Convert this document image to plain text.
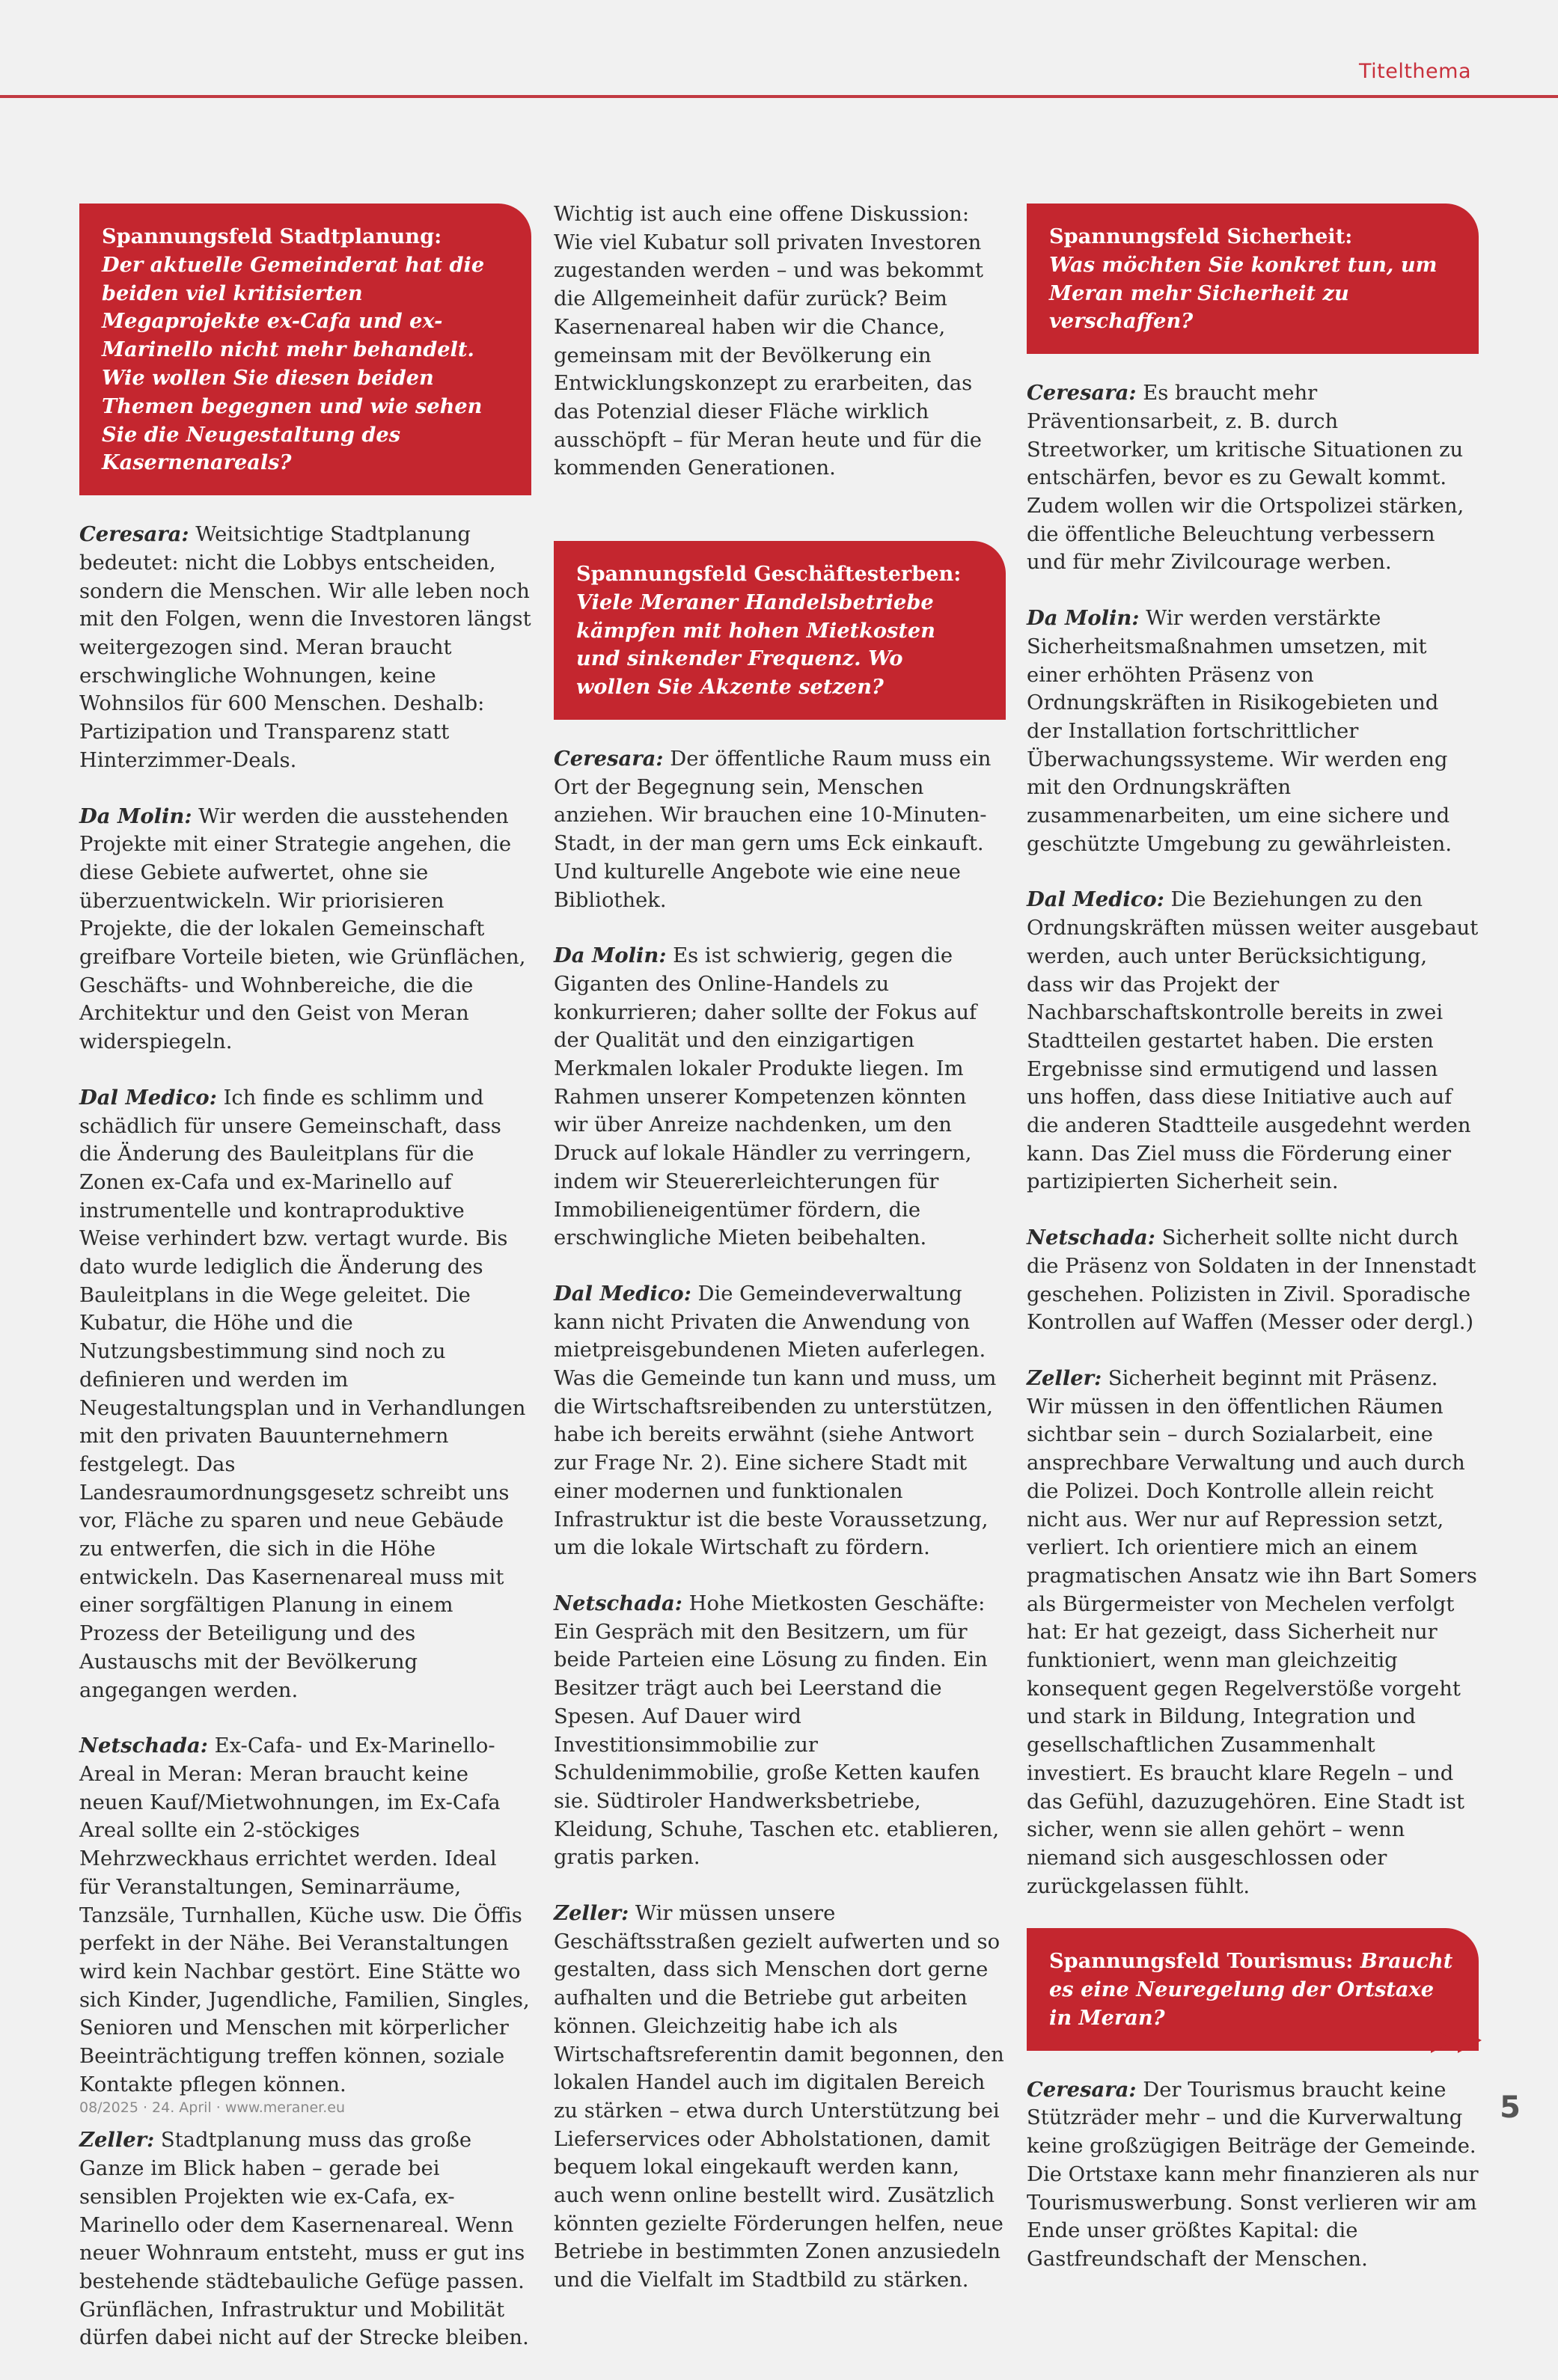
Titelthema
Spannungsfeld Stadtplanung:
Der aktuelle Gemeinderat hat die beiden viel kritisierten Megaprojekte ex-Cafa und ex-Marinello nicht mehr behandelt. Wie wollen Sie diesen beiden Themen begegnen und wie sehen Sie die Neugestaltung des Kasernenareals?

Ceresara: Weitsichtige Stadtplanung bedeutet: nicht die Lobbys entscheiden, sondern die Menschen. Wir alle leben noch mit den Folgen, wenn die Investoren längst weitergezogen sind. Meran braucht erschwingliche Wohnungen, keine Wohnsilos für 600 Menschen. Deshalb: Partizipation und Transparenz statt Hinterzimmer-Deals.

Da Molin: Wir werden die ausstehenden Projekte mit einer Strategie angehen, die diese Gebiete aufwertet, ohne sie überzuentwickeln. Wir priorisieren Projekte, die der lokalen Gemeinschaft greifbare Vorteile bieten, wie Grünflächen, Geschäfts- und Wohnbereiche, die die Architektur und den Geist von Meran widerspiegeln.

Dal Medico: Ich finde es schlimm und schädlich für unsere Gemeinschaft, dass die Änderung des Bauleitplans für die Zonen ex-Cafa und ex-Marinello auf instrumentelle und kontraproduktive Weise verhindert bzw. vertagt wurde. Bis dato wurde lediglich die Änderung des Bauleitplans in die Wege geleitet. Die Kubatur, die Höhe und die Nutzungsbestimmung sind noch zu definieren und werden im Neugestaltungsplan und in Verhandlungen mit den privaten Bauunternehmern festgelegt. Das Landesraumordnungsgesetz schreibt uns vor, Fläche zu sparen und neue Gebäude zu entwerfen, die sich in die Höhe entwickeln. Das Kasernenareal muss mit einer sorgfältigen Planung in einem Prozess der Beteiligung und des Austauschs mit der Bevölkerung angegangen werden.

Netschada: Ex-Cafa- und Ex-Marinello-Areal in Meran: Meran braucht keine neuen Kauf/Mietwohnungen, im Ex-Cafa Areal sollte ein 2-stöckiges Mehrzweckhaus errichtet werden. Ideal für Veranstaltungen, Seminarräume, Tanzsäle, Turnhallen, Küche usw. Die Öffis perfekt in der Nähe. Bei Veranstaltungen wird kein Nachbar gestört. Eine Stätte wo sich Kinder, Jugendliche, Familien, Singles, Senioren und Menschen mit körperlicher Beeinträchtigung treffen können, soziale Kontakte pflegen können.

Zeller: Stadtplanung muss das große Ganze im Blick haben – gerade bei sensiblen Projekten wie ex-Cafa, ex-Marinello oder dem Kasernenareal. Wenn neuer Wohnraum entsteht, muss er gut ins bestehende städtebauliche Gefüge passen. Grünflächen, Infrastruktur und Mobilität dürfen dabei nicht auf der Strecke bleiben.

Wichtig ist auch eine offene Diskussion: Wie viel Kubatur soll privaten Investoren zugestanden werden – und was bekommt die Allgemeinheit dafür zurück? Beim Kasernenareal haben wir die Chance, gemeinsam mit der Bevölkerung ein Entwicklungskonzept zu erarbeiten, das das Potenzial dieser Fläche wirklich ausschöpft – für Meran heute und für die kommenden Generationen.

Spannungsfeld Geschäftesterben:
Viele Meraner Handelsbetriebe kämpfen mit hohen Mietkosten und sinkender Frequenz. Wo wollen Sie Akzente setzen?

Ceresara: Der öffentliche Raum muss ein Ort der Begegnung sein, Menschen anziehen. Wir brauchen eine 10-Minuten-Stadt, in der man gern ums Eck einkauft. Und kulturelle Angebote wie eine neue Bibliothek.

Da Molin: Es ist schwierig, gegen die Giganten des Online-Handels zu konkurrieren; daher sollte der Fokus auf der Qualität und den einzigartigen Merkmalen lokaler Produkte liegen. Im Rahmen unserer Kompetenzen könnten wir über Anreize nachdenken, um den Druck auf lokale Händler zu verringern, indem wir Steuererleichterungen für Immobilieneigentümer fördern, die erschwingliche Mieten beibehalten.

Dal Medico: Die Gemeindeverwaltung kann nicht Privaten die Anwendung von mietpreisgebundenen Mieten auferlegen. Was die Gemeinde tun kann und muss, um die Wirtschaftsreibenden zu unterstützen, habe ich bereits erwähnt (siehe Antwort zur Frage Nr. 2). Eine sichere Stadt mit einer modernen und funktionalen Infrastruktur ist die beste Voraussetzung, um die lokale Wirtschaft zu fördern.

Netschada: Hohe Mietkosten Geschäfte: Ein Gespräch mit den Besitzern, um für beide Parteien eine Lösung zu finden. Ein Besitzer trägt auch bei Leerstand die Spesen. Auf Dauer wird Investitionsimmobilie zur Schuldenimmobilie, große Ketten kaufen sie. Südtiroler Handwerksbetriebe, Kleidung, Schuhe, Taschen etc. etablieren, gratis parken.

Zeller: Wir müssen unsere Geschäftsstraßen gezielt aufwerten und so gestalten, dass sich Menschen dort gerne aufhalten und die Betriebe gut arbeiten können. Gleichzeitig habe ich als Wirtschaftsreferentin damit begonnen, den lokalen Handel auch im digitalen Bereich zu stärken – etwa durch Unterstützung bei Lieferservices oder Abholstationen, damit bequem lokal eingekauft werden kann, auch wenn online bestellt wird. Zusätzlich könnten gezielte Förderungen helfen, neue Betriebe in bestimmten Zonen anzusiedeln und die Vielfalt im Stadtbild zu stärken.

Spannungsfeld Sicherheit:
Was möchten Sie konkret tun, um Meran mehr Sicherheit zu verschaffen?

Ceresara: Es braucht mehr Präventionsarbeit, z. B. durch Streetworker, um kritische Situationen zu entschärfen, bevor es zu Gewalt kommt. Zudem wollen wir die Ortspolizei stärken, die öffentliche Beleuchtung verbessern und für mehr Zivilcourage werben.

Da Molin: Wir werden verstärkte Sicherheitsmaßnahmen umsetzen, mit einer erhöhten Präsenz von Ordnungskräften in Risikogebieten und der Installation fortschrittlicher Überwachungssysteme. Wir werden eng mit den Ordnungskräften zusammenarbeiten, um eine sichere und geschützte Umgebung zu gewährleisten.

Dal Medico: Die Beziehungen zu den Ordnungskräften müssen weiter ausgebaut werden, auch unter Berücksichtigung, dass wir das Projekt der Nachbarschaftskontrolle bereits in zwei Stadtteilen gestartet haben. Die ersten Ergebnisse sind ermutigend und lassen uns hoffen, dass diese Initiative auch auf die anderen Stadtteile ausgedehnt werden kann. Das Ziel muss die Förderung einer partizipierten Sicherheit sein.

Netschada: Sicherheit sollte nicht durch die Präsenz von Soldaten in der Innenstadt geschehen. Polizisten in Zivil. Sporadische Kontrollen auf Waffen (Messer oder dergl.)

Zeller: Sicherheit beginnt mit Präsenz. Wir müssen in den öffentlichen Räumen sichtbar sein – durch Sozialarbeit, eine ansprechbare Verwaltung und auch durch die Polizei. Doch Kontrolle allein reicht nicht aus. Wer nur auf Repression setzt, verliert. Ich orientiere mich an einem pragmatischen Ansatz wie ihn Bart Somers als Bürgermeister von Mechelen verfolgt hat: Er hat gezeigt, dass Sicherheit nur funktioniert, wenn man gleichzeitig konsequent gegen Regelverstöße vorgeht und stark in Bildung, Integration und gesellschaftlichen Zusammenhalt investiert. Es braucht klare Regeln – und das Gefühl, dazuzugehören. Eine Stadt ist sicher, wenn sie allen gehört – wenn niemand sich ausgeschlossen oder zurückgelassen fühlt.

Spannungsfeld Tourismus: Braucht es eine Neuregelung der Ortstaxe in Meran?

Ceresara: Der Tourismus braucht keine Stützräder mehr – und die Kurverwaltung keine großzügigen Beiträge der Gemeinde. Die Ortstaxe kann mehr finanzieren als nur Tourismuswerbung. Sonst verlieren wir am Ende unser größtes Kapital: die Gastfreundschaft der Menschen.

08/2025 · 24. April · www.meraner.eu	5
